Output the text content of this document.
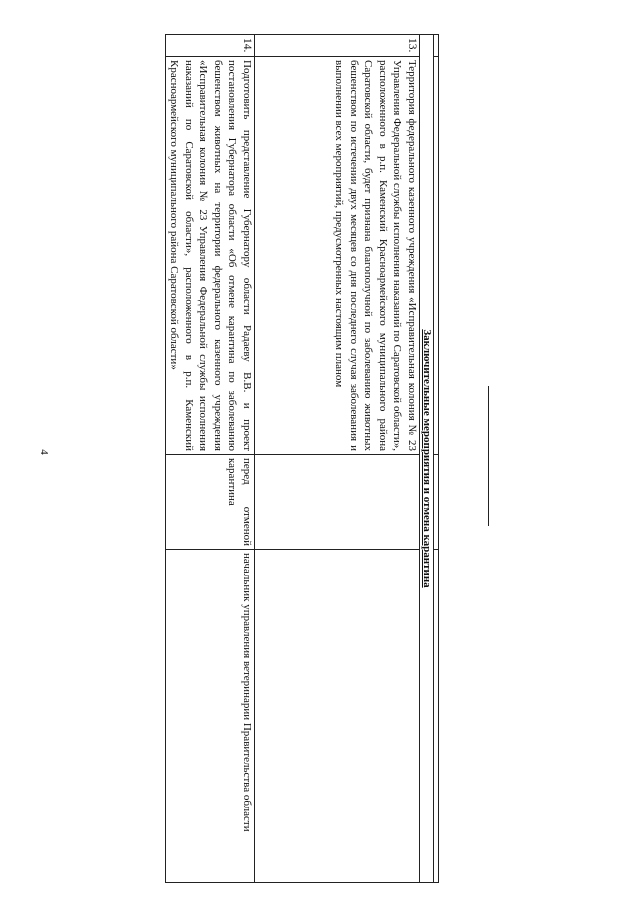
4
				Заключительные мероприятия и отмена карантина			
13.	Территория федерального казенного учреждения «Исправительная колония № 23 Управления Федеральной службы исполнения наказаний по Саратовской области», расположенного в р.п. Каменский Красноармейского муниципального района Саратовской области, будет признана благополучной по заболеванию животных бешенством по истечении двух месяцев со дня последнего случая заболевания и выполнении всех мероприятий, предусмотренных настоящим планом		
14.	Подготовить представление Губернатору области Радаеву В.В. и проект постановления Губернатора области «Об отмене карантина по заболеванию бешенством животных на территории федерального казенного учреждения «Исправительная колония № 23 Управления Федеральной службы исполнения наказаний по Саратовской области», расположенного в р.п. Каменский Красноармейского муниципального района Саратовской области»	перед отменой карантина	начальник управления ветеринарии Правительства области
